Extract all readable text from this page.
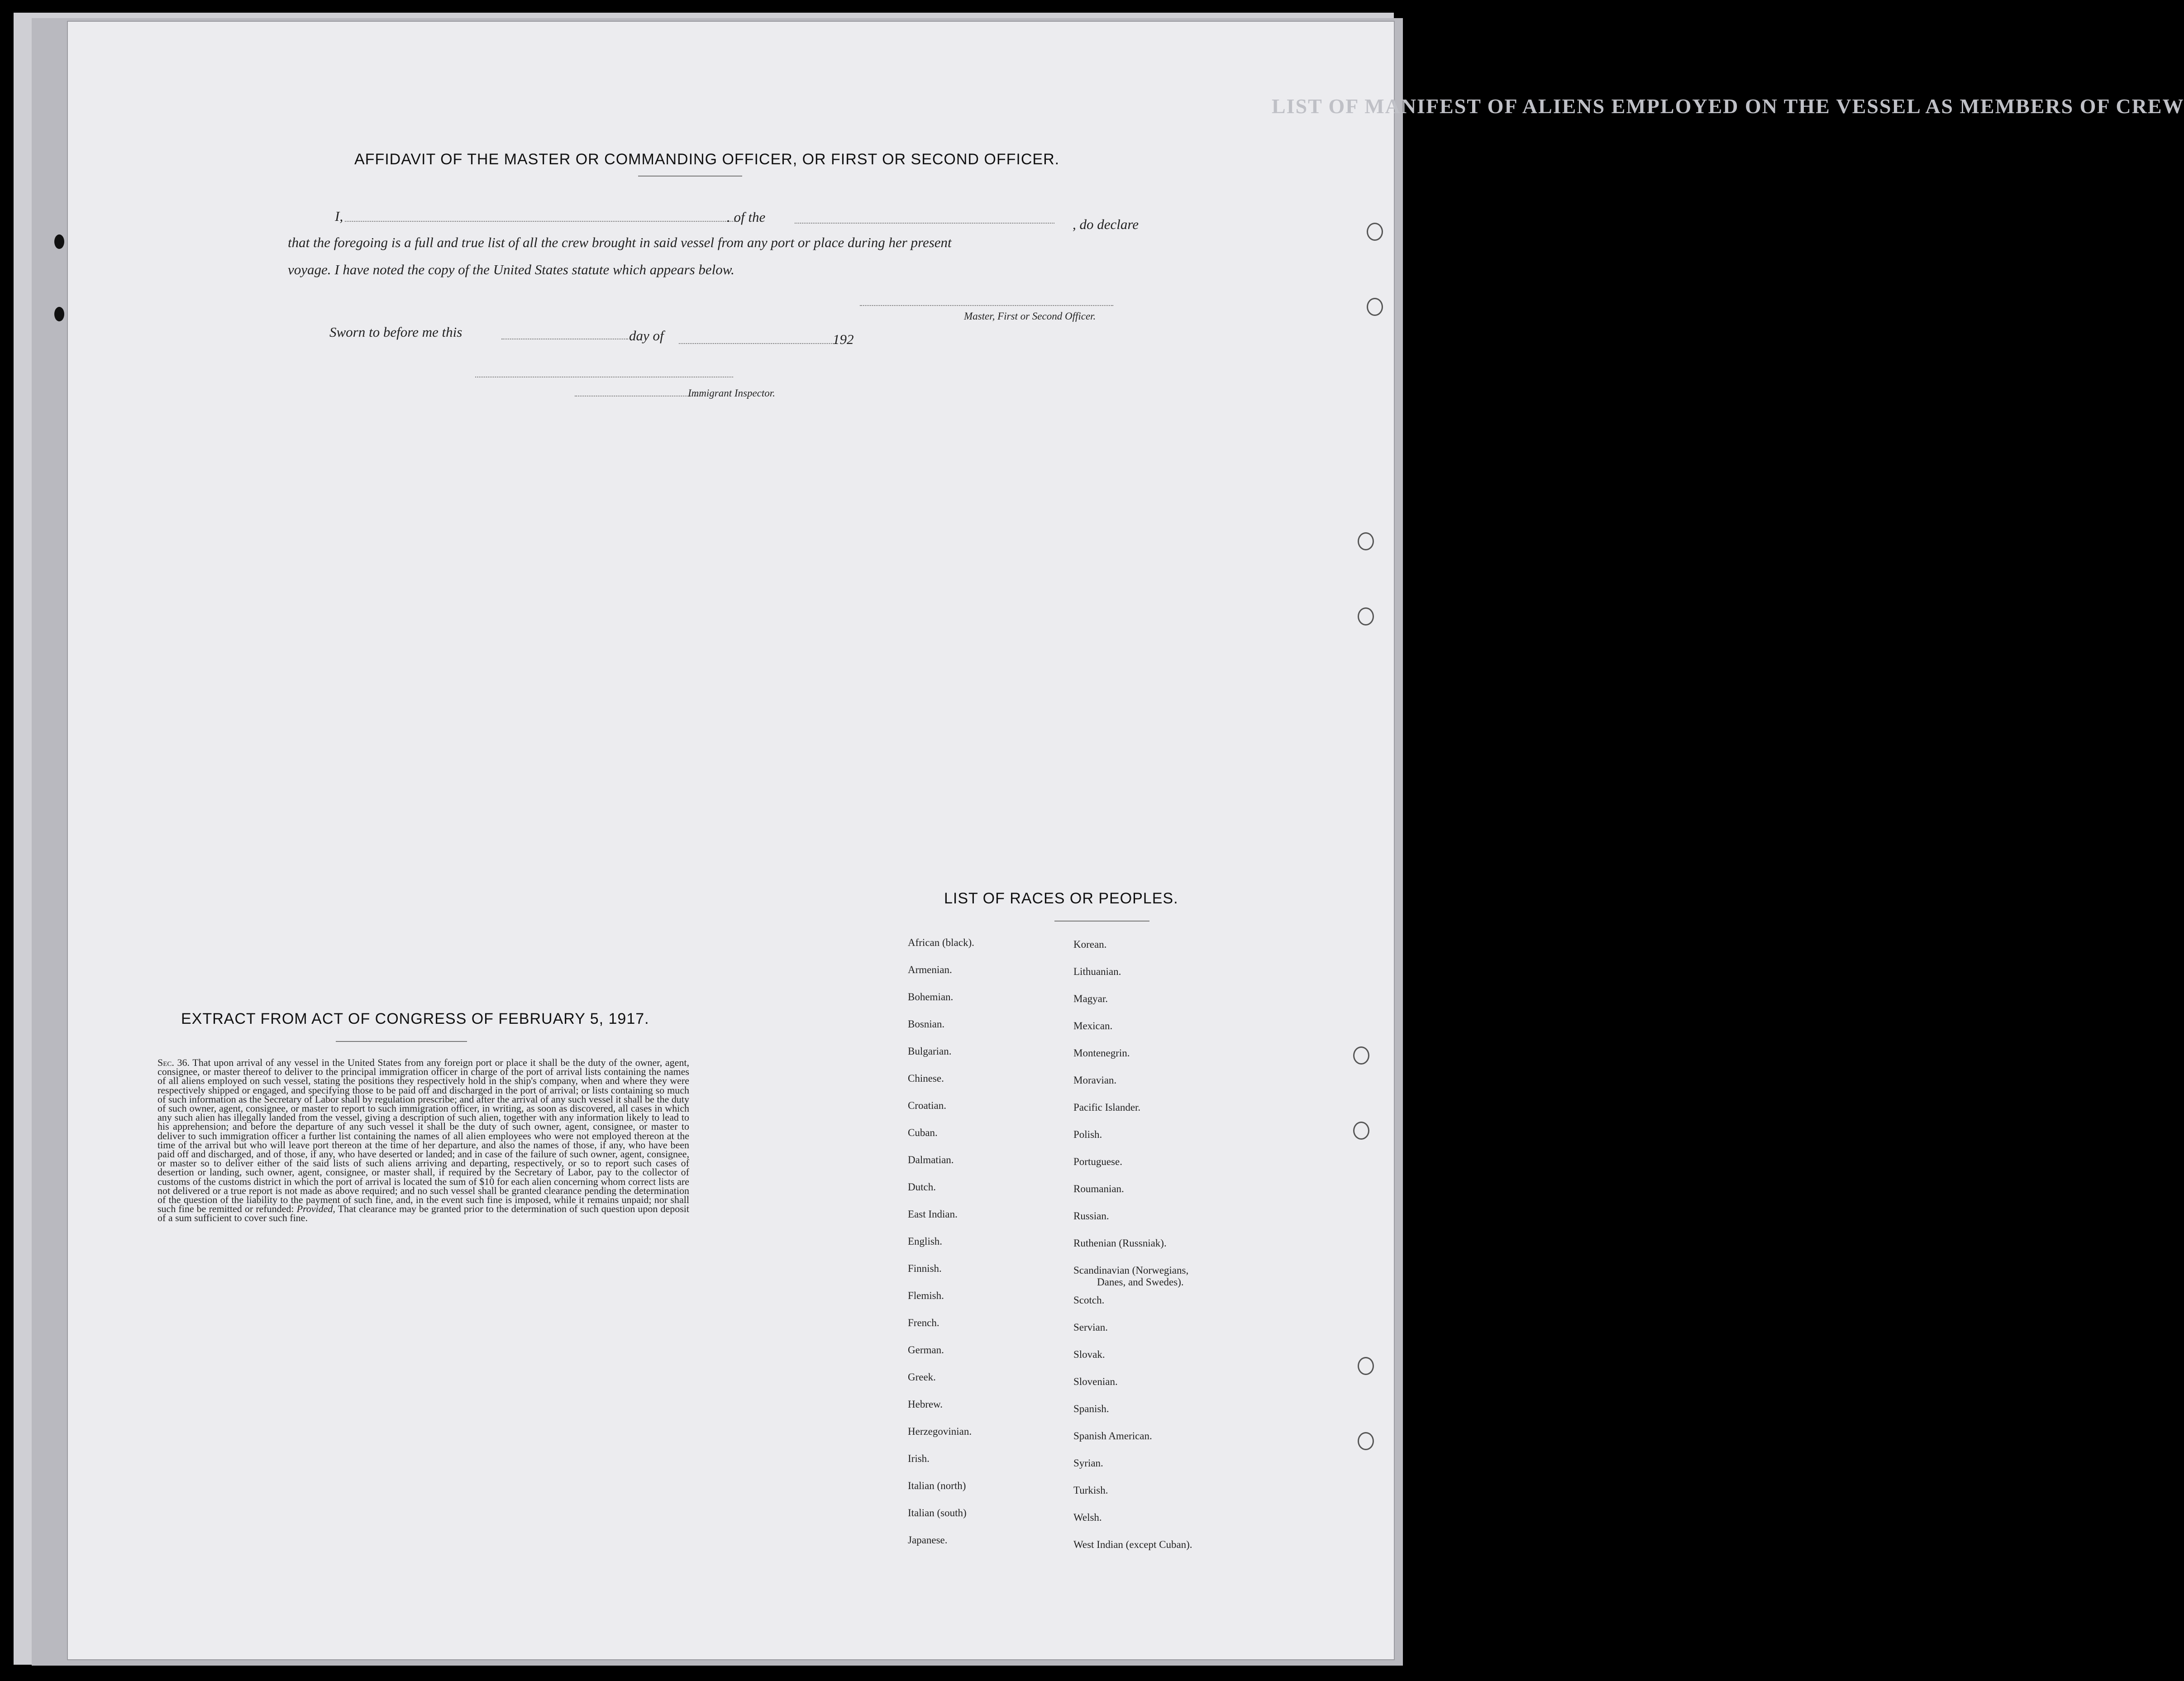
LIST OF MANIFEST OF ALIENS EMPLOYED ON THE VESSEL AS MEMBERS OF CREW
AFFIDAVIT OF THE MASTER OR COMMANDING OFFICER, OR FIRST OR SECOND OFFICER.
I,	. of the	, do declare
that the foregoing is a full and true list of all the crew brought in said vessel from any port or place during her present
voyage. I have noted the copy of the United States statute which appears below.
Master, First or Second Officer.
Sworn to before me this	day of	192
Immigrant Inspector.
EXTRACT FROM ACT OF CONGRESS OF FEBRUARY 5, 1917.
Sec. 36. That upon arrival of any vessel in the United States from any foreign port or place it shall be the duty of the owner, agent, consignee, or master thereof to deliver to the principal immigration officer in charge of the port of arrival lists containing the names of all aliens employed on such vessel, stating the positions they respectively hold in the ship's company, when and where they were respectively shipped or engaged, and specifying those to be paid off and discharged in the port of arrival; or lists containing so much of such information as the Secretary of Labor shall by regulation prescribe; and after the arrival of any such vessel it shall be the duty of such owner, agent, consignee, or master to report to such immigration officer, in writing, as soon as discovered, all cases in which any such alien has illegally landed from the vessel, giving a description of such alien, together with any information likely to lead to his apprehension; and before the departure of any such vessel it shall be the duty of such owner, agent, consignee, or master to deliver to such immigration officer a further list containing the names of all alien employees who were not employed thereon at the time of the arrival but who will leave port thereon at the time of her departure, and also the names of those, if any, who have been paid off and discharged, and of those, if any, who have deserted or landed; and in case of the failure of such owner, agent, consignee, or master so to deliver either of the said lists of such aliens arriving and departing, respectively, or so to report such cases of desertion or landing, such owner, agent, consignee, or master shall, if required by the Secretary of Labor, pay to the collector of customs of the customs district in which the port of arrival is located the sum of $10 for each alien concerning whom correct lists are not delivered or a true report is not made as above required; and no such vessel shall be granted clearance pending the determination of the question of the liability to the payment of such fine, and, in the event such fine is imposed, while it remains unpaid; nor shall such fine be remitted or refunded: Provided, That clearance may be granted prior to the determination of such question upon deposit of a sum sufficient to cover such fine.
LIST OF RACES OR PEOPLES.
African (black).
Armenian.
Bohemian.
Bosnian.
Bulgarian.
Chinese.
Croatian.
Cuban.
Dalmatian.
Dutch.
East Indian.
English.
Finnish.
Flemish.
French.
German.
Greek.
Hebrew.
Herzegovinian.
Irish.
Italian (north)
Italian (south)
Japanese.
Korean.
Lithuanian.
Magyar.
Mexican.
Montenegrin.
Moravian.
Pacific Islander.
Polish.
Portuguese.
Roumanian.
Russian.
Ruthenian (Russniak).
Scandinavian (Norwegians,
Danes, and Swedes).
Scotch.
Servian.
Slovak.
Slovenian.
Spanish.
Spanish American.
Syrian.
Turkish.
Welsh.
West Indian (except Cuban).
